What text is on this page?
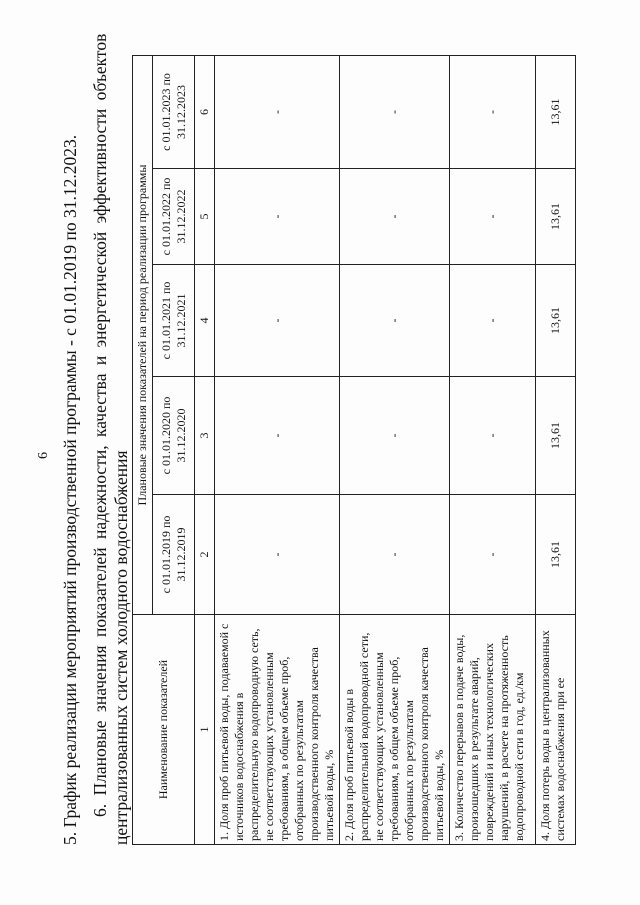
6 5. График реализации мероприятий производственной программы - с 01.01.2019 по 31.12.2023. 6. Плановые значения показателей надежности, качества и энергетической эффективности объектов централизованных систем холодного водоснабжения Наименование показателей	Плановые значения показателей на период реализации программы				
	с 01.01.2019 по 31.12.2019	с 01.01.2020 по 31.12.2020	с 01.01.2021 по 31.12.2021	с 01.01.2022 по 31.12.2022	с 01.01.2023 по 31.12.2023
1	2	3	4	5	6
1. Доля проб питьевой воды, подаваемой с источников водоснабжения в распределительную водопроводную сеть, не соответствующих установленным требованиям, в общем объеме проб, отобранных по результатам производственного контроля качества питьевой воды, %	-	-	-	-	-
2. Доля проб питьевой воды в распределительной водопроводной сети, не соответствующих установленным требованиям, в общем объеме проб, отобранных по результатам производственного контроля качества питьевой воды, %	-	-	-	-	-
3. Количество перерывов в подаче воды, произошедших в результате аварий, повреждений и иных технологических нарушений, в расчете на протяженность водопроводной сети в год, ед./км	-	-	-	-	-
4. Доля потерь воды в централизованных системах водоснабжения при ее	13,61	13,61	13,61	13,61	13,61
